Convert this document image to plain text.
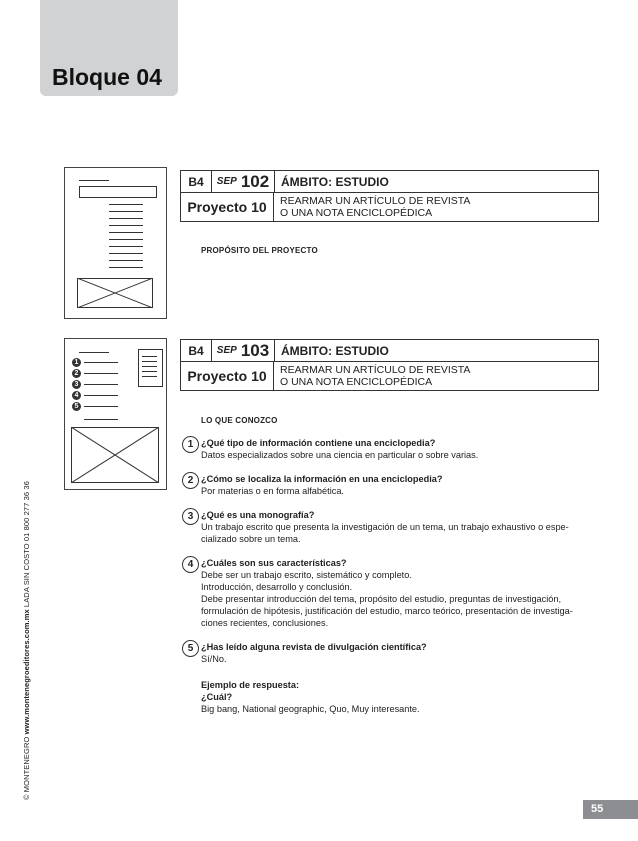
Bloque 04
© MONTENEGRO www.montenegroeditores.com.mx LADA SIN COSTO 01 800 277 36 36
B4	SEP 102 ÁMBITO: ESTUDIO
Proyecto 10	REARMAR UN ARTÍCULO DE REVISTA
O UNA NOTA ENCICLOPÉDICA
PROPÓSITO DEL PROYECTO
1
2
3
4
5
B4	SEP 103 ÁMBITO: ESTUDIO
Proyecto 10	REARMAR UN ARTÍCULO DE REVISTA
O UNA NOTA ENCICLOPÉDICA
LO QUE CONOZCO
1 ¿Qué tipo de información contiene una enciclopedia?
Datos especializados sobre una ciencia en particular o sobre varias.
2 ¿Cómo se localiza la información en una enciclopedia?
Por materias o en forma alfabética.
3 ¿Qué es una monografía?
Un trabajo escrito que presenta la investigación de un tema, un trabajo exhaustivo o espe-
cializado sobre un tema.
4 ¿Cuáles son sus características?
Debe ser un trabajo escrito, sistemático y completo.
Introducción, desarrollo y conclusión.
Debe presentar introducción del tema, propósito del estudio, preguntas de investigación,
formulación de hipótesis, justificación del estudio, marco teórico, presentación de investiga-
ciones recientes, conclusiones.
5 ¿Has leído alguna revista de divulgación científica?
Sí/No.
Ejemplo de respuesta:
¿Cuál?
Big bang, National geographic, Quo, Muy interesante.
55
